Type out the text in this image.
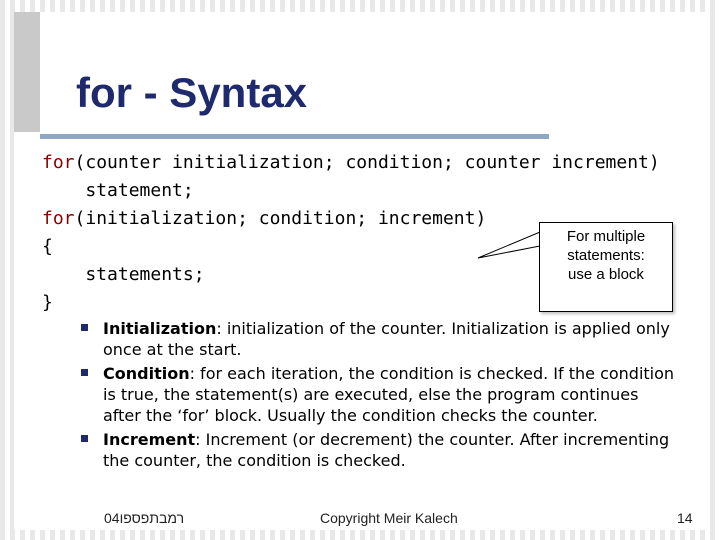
for - Syntax
for(counter initialization; condition; counter increment)
statement;
for(initialization; condition; increment)
{
statements;
}
For multiple
statements:
use a block
Initialization: initialization of the counter. Initialization is applied only once at the start.
Condition: for each iteration, the condition is checked. If the condition is true, the statement(s) are executed, else the program continues after the ‘for’ block. Usually the condition checks the counter.
Increment: Increment (or decrement) the counter. After incrementing the counter, the condition is checked.
רמבתפספו04	Copyright Meir Kalech	14
